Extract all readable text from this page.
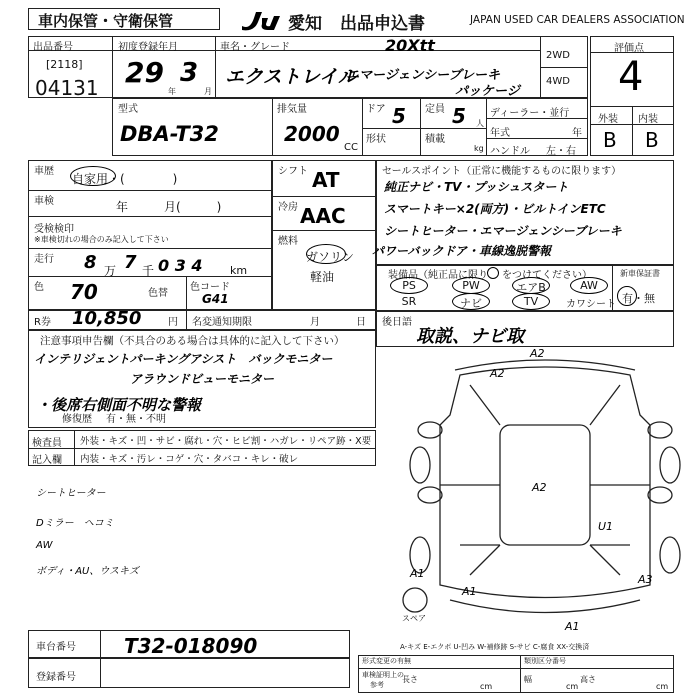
車内保管・守衛保管	愛知 出品申込書	JAPAN USED CAR DEALERS ASSOCIATION
出品番号
[2118]
04131
初度登録年月
29
年
3
月
車名・グレード	20Xtt
エクストレイル
エマージェンシーブレーキ
パッケージ
2WD
4WD
評価点
4
外装 内装
B B
型式
DBA-T32
排気量
2000
CC
ドア 5 定員 5 人
形状	積載
kg
ディーラー・並行
年式	年
ハンドル 左・右
車歴
自家用・(　　　　)
車検	年　　　月(　　　)
受検検印
※車検切れの場合のみ記入して下さい
走行 8 万 7 千 0 3 4 km
色 70	色替
色コード
G41
シフト AT
冷房 AAC
燃料
ガソリン
軽油
セールスポイント（正常に機能するものに限ります）
純正ナビ・TV・プッシュスタート
スマートキー×2(両方)・ビルトインETC
シートヒーター・エマージェンシーブレーキ
パワーバックドア・車線逸脱警報
装備品（純正品に限り をつけてください）	新車保証書
有・無
PS	PW	エアB	AW
SR	ナビ	TV	カワシート
R券 10,850	円 名変通知期限	月	日 後日語
取説、ナビ取
注意事項申告欄（不具合のある場合は具体的に記入して下さい）
インテリジェントパーキングアシスト　バックモニター
アラウンドビューモニター
・後席右側面不明な警報
修復歴 有・無・不明
検査員
記入欄
外装・キズ・凹・サビ・腐れ・穴・ヒビ割・ハガレ・リペア跡・X要
内装・キズ・汚レ・コゲ・穴・タバコ・キレ・破レ
シートヒーター
Dミラー　ヘコミ
AW
ボディ・AU、ウスキズ
A2
A2
A2
U1
A1
A1
A3
A1
スペア
A-キズ E-エクボ U-凹み W-補修跡 S-サビ C-腐食 XX-交換済
車台番号 T32-018090
登録番号
形式変更の有無	類別区分番号
車検証明上の
参考
長さ
cm
幅
cm
高さ
cm
